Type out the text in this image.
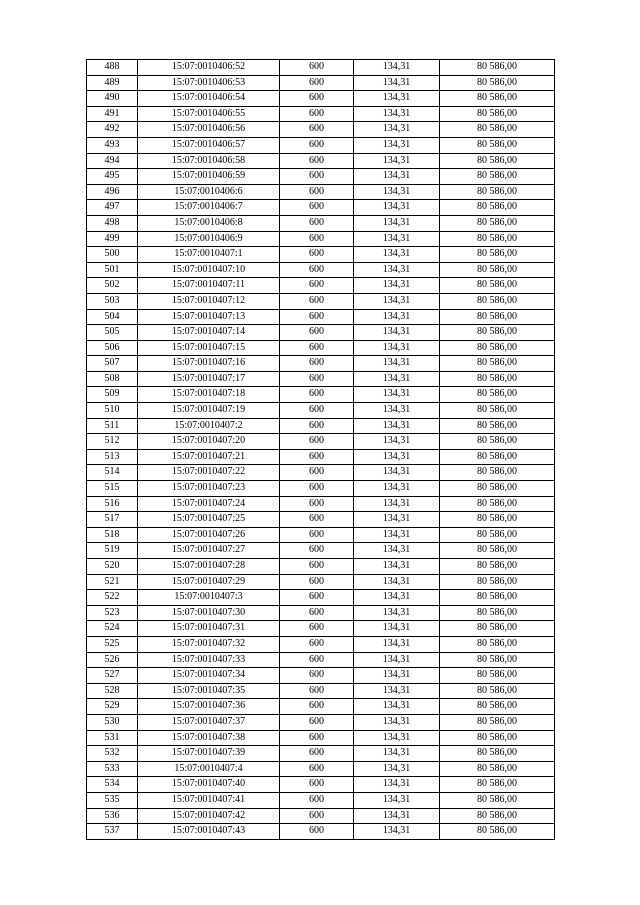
488	15:07:0010406:52	600	134,31	80 586,00
489	15:07:0010406:53	600	134,31	80 586,00
490	15:07:0010406:54	600	134,31	80 586,00
491	15:07:0010406:55	600	134,31	80 586,00
492	15:07:0010406:56	600	134,31	80 586,00
493	15:07:0010406:57	600	134,31	80 586,00
494	15:07:0010406:58	600	134,31	80 586,00
495	15:07:0010406:59	600	134,31	80 586,00
496	15:07:0010406:6	600	134,31	80 586,00
497	15:07:0010406:7	600	134,31	80 586,00
498	15:07:0010406:8	600	134,31	80 586,00
499	15:07:0010406:9	600	134,31	80 586,00
500	15:07:0010407:1	600	134,31	80 586,00
501	15:07:0010407:10	600	134,31	80 586,00
502	15:07:0010407:11	600	134,31	80 586,00
503	15:07:0010407:12	600	134,31	80 586,00
504	15:07:0010407:13	600	134,31	80 586,00
505	15:07:0010407:14	600	134,31	80 586,00
506	15:07:0010407:15	600	134,31	80 586,00
507	15:07:0010407:16	600	134,31	80 586,00
508	15:07:0010407:17	600	134,31	80 586,00
509	15:07:0010407:18	600	134,31	80 586,00
510	15:07:0010407:19	600	134,31	80 586,00
511	15:07:0010407:2	600	134,31	80 586,00
512	15:07:0010407:20	600	134,31	80 586,00
513	15:07:0010407:21	600	134,31	80 586,00
514	15:07:0010407:22	600	134,31	80 586,00
515	15:07:0010407:23	600	134,31	80 586,00
516	15:07:0010407:24	600	134,31	80 586,00
517	15:07:0010407:25	600	134,31	80 586,00
518	15:07:0010407:26	600	134,31	80 586,00
519	15:07:0010407:27	600	134,31	80 586,00
520	15:07:0010407:28	600	134,31	80 586,00
521	15:07:0010407:29	600	134,31	80 586,00
522	15:07:0010407:3	600	134,31	80 586,00
523	15:07:0010407:30	600	134,31	80 586,00
524	15:07:0010407:31	600	134,31	80 586,00
525	15:07:0010407:32	600	134,31	80 586,00
526	15:07:0010407:33	600	134,31	80 586,00
527	15:07:0010407:34	600	134,31	80 586,00
528	15:07:0010407:35	600	134,31	80 586,00
529	15:07:0010407:36	600	134,31	80 586,00
530	15:07:0010407:37	600	134,31	80 586,00
531	15:07:0010407:38	600	134,31	80 586,00
532	15:07:0010407:39	600	134,31	80 586,00
533	15:07:0010407:4	600	134,31	80 586,00
534	15:07:0010407:40	600	134,31	80 586,00
535	15:07:0010407:41	600	134,31	80 586,00
536	15:07:0010407:42	600	134,31	80 586,00
537	15:07:0010407:43	600	134,31	80 586,00
